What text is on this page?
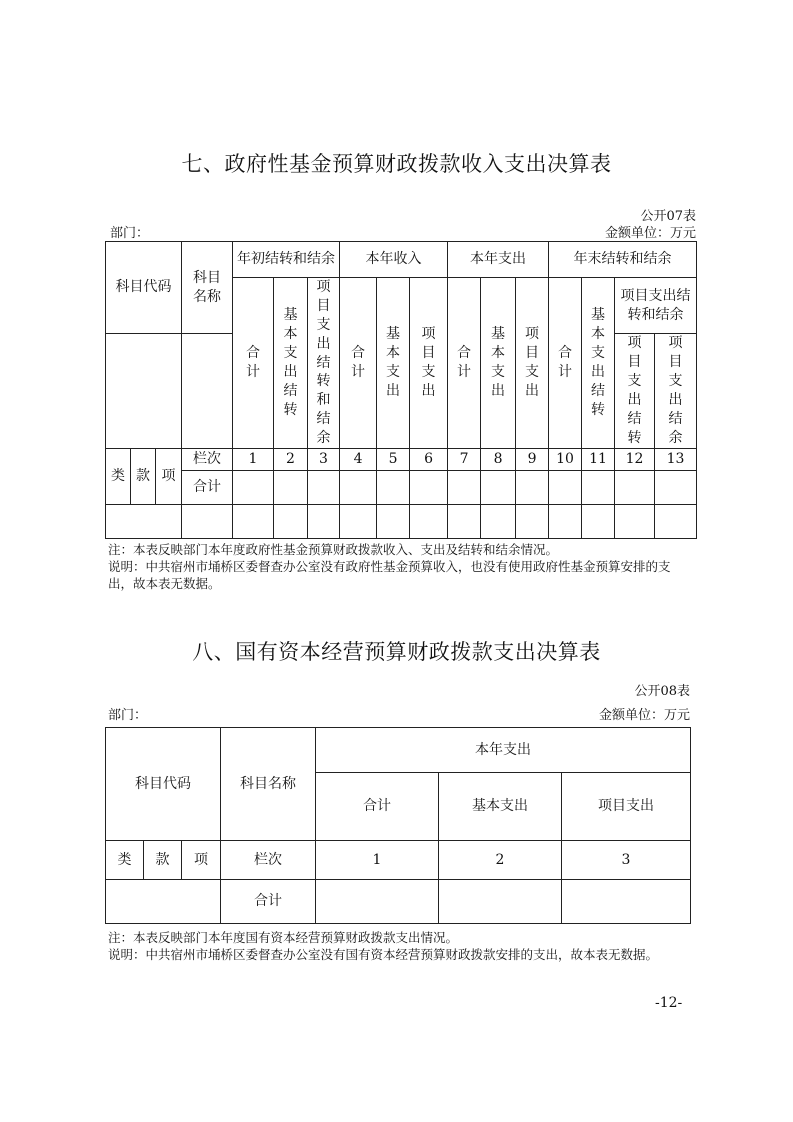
七、政府性基金预算财政拨款收入支出决算表
公开07表
部门：	金额单位：万元
科目代码			科目名称	年初结转和结余			本年收入			本年支出			年末结转和结余			

				合计	基本支出结转	项目支出结转和结余	合计	基本支出	项目支出	合计	基本支出	项目支出	合计	基本支出结转	项目支出结转和结余	

															项目支出结转	项目支出结余

类	款	项	栏次	1	2	3	4	5	6	7	8	9	10	11	12	13
			合计													

注：本表反映部门本年度政府性基金预算财政拨款收入、支出及结转和结余情况。
说明：中共宿州市埇桥区委督查办公室没有政府性基金预算收入，也没有使用政府性基金预算安排的支
出，故本表无数据。
八、国有资本经营预算财政拨款支出决算表
公开08表
部门：	金额单位：万元
科目代码			科目名称	本年支出		
				合计	基本支出	项目支出
类	款	项	栏次	1	2	3
			合计			
注：本表反映部门本年度国有资本经营预算财政拨款支出情况。
说明：中共宿州市埇桥区委督查办公室没有国有资本经营预算财政拨款安排的支出，故本表无数据。
-12-
